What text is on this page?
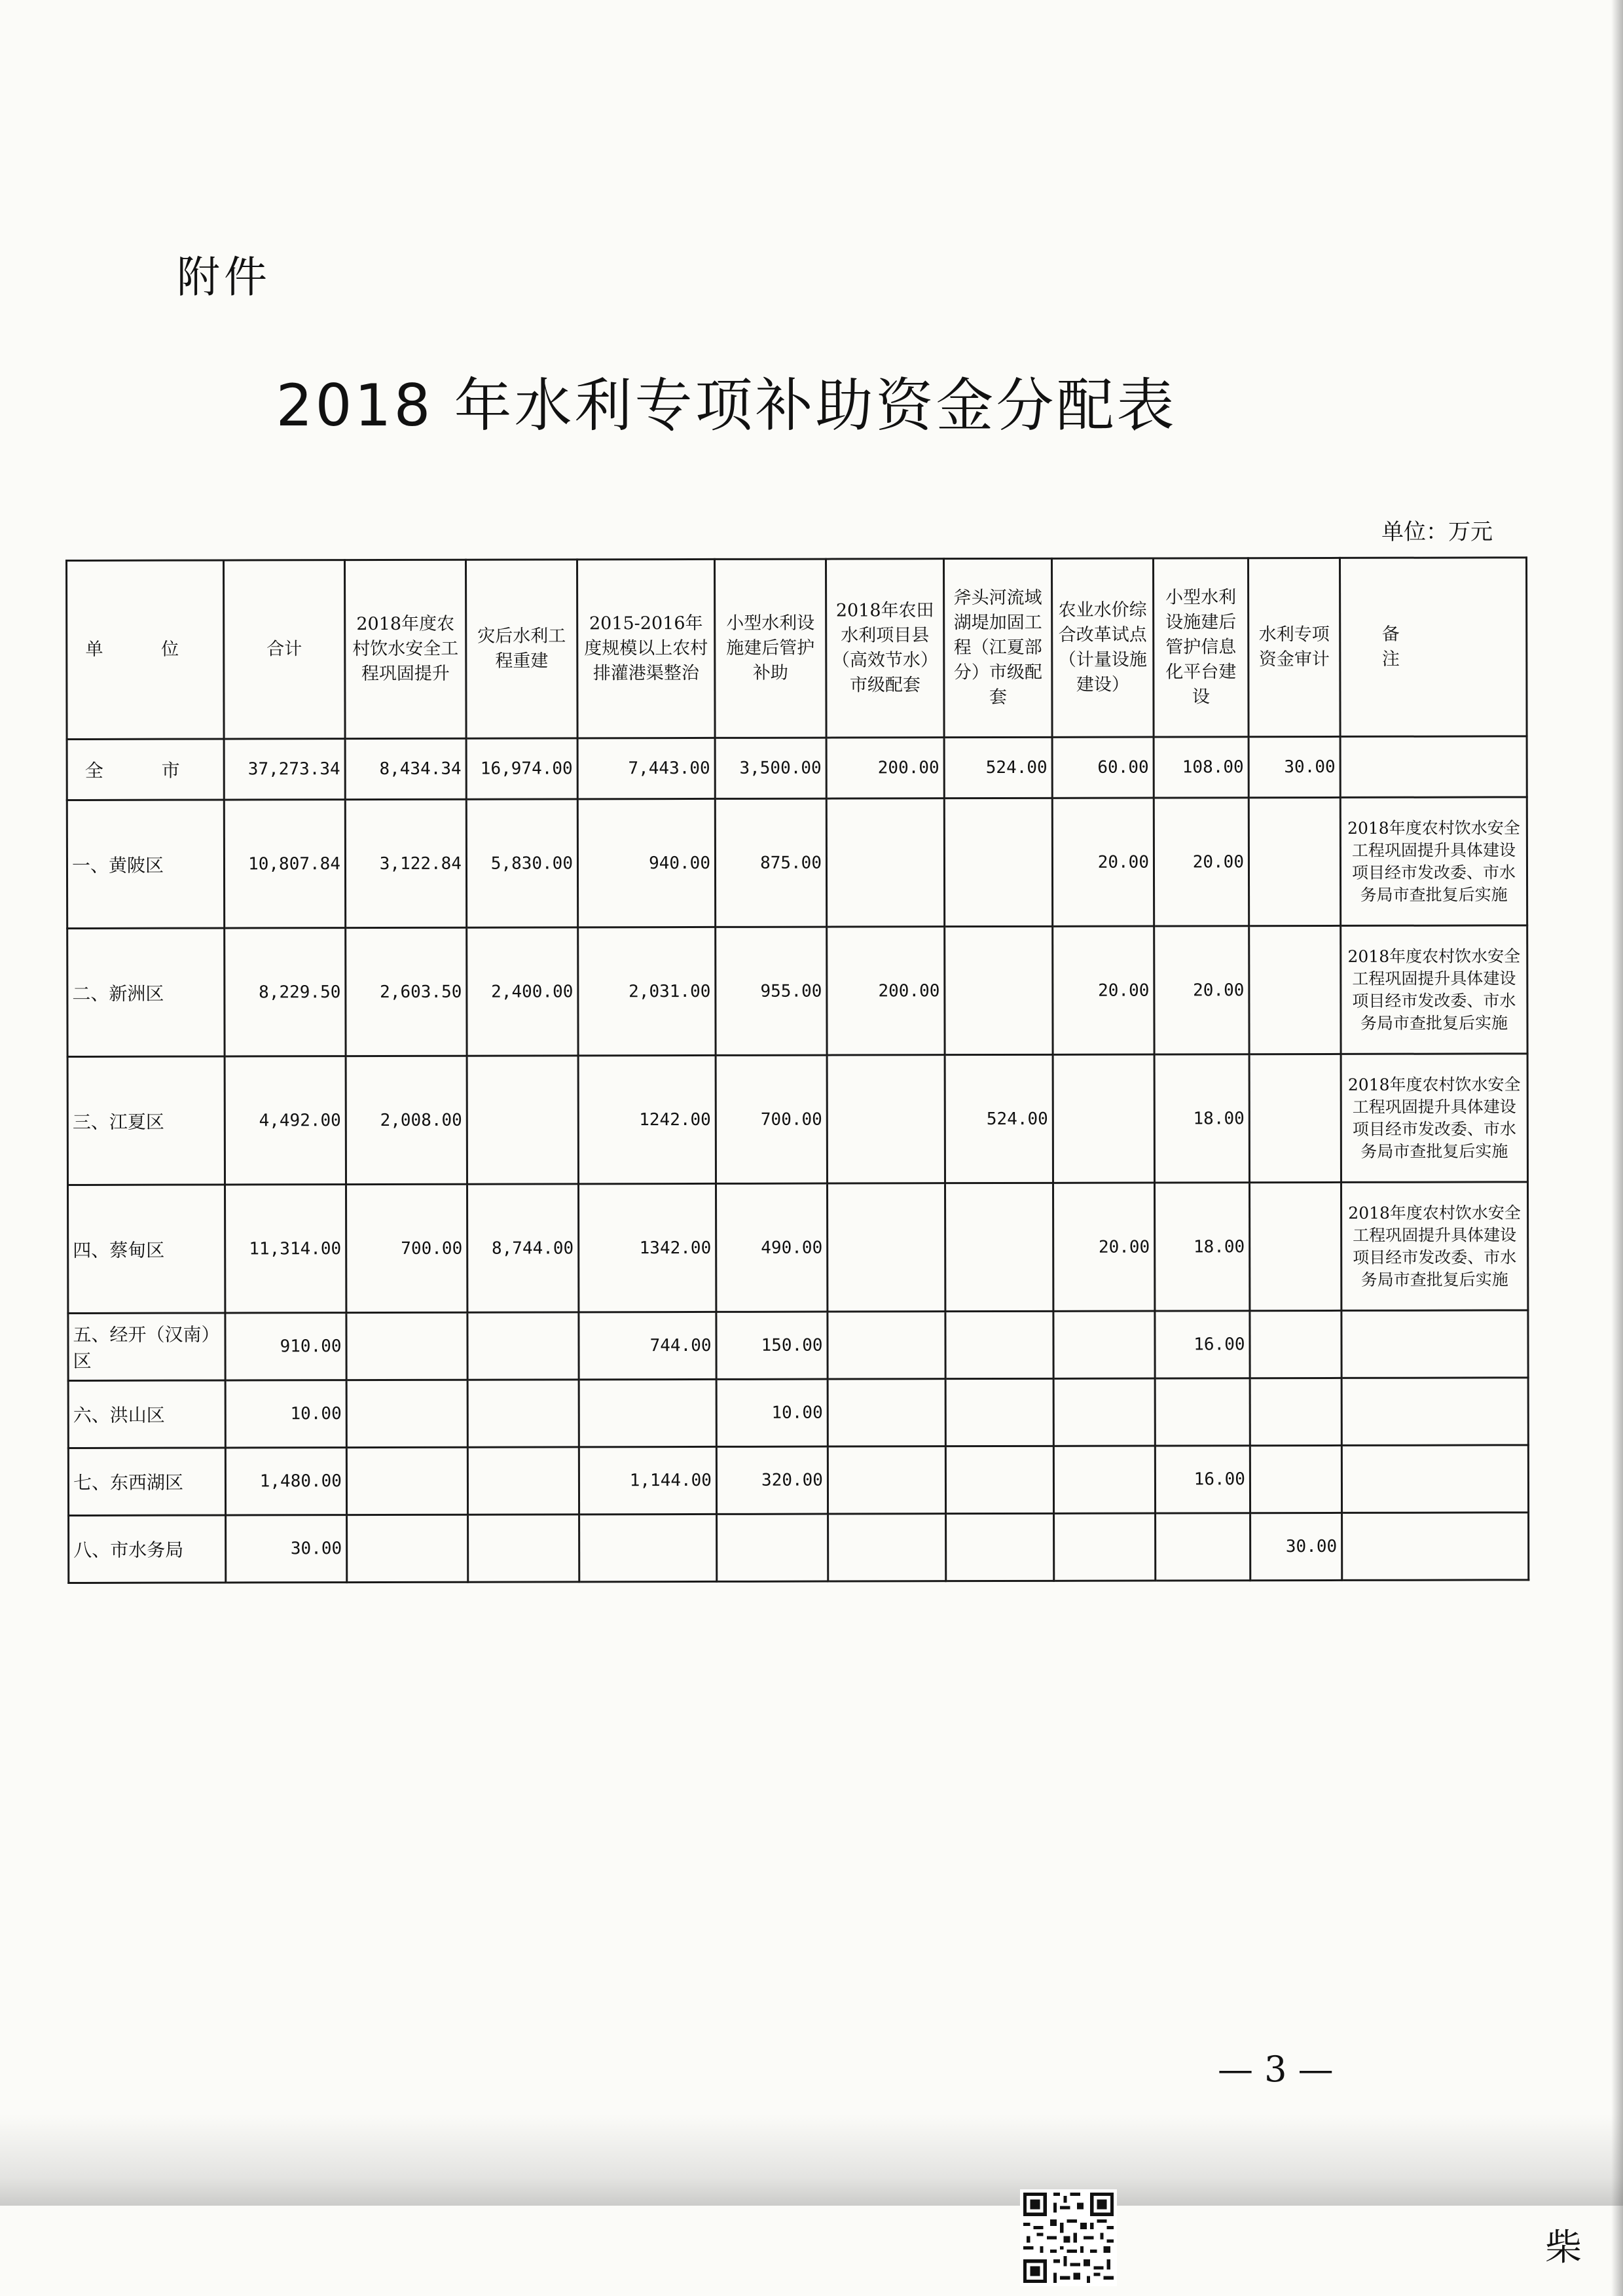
附件
2018 年水利专项补助资金分配表
单位：万元
单 位	合计	2018年度农村饮水安全工程巩固提升	灾后水利工程重建	2015-2016年度规模以上农村排灌港渠整治	小型水利设施建后管护补助	2018年农田水利项目县（高效节水）市级配套	斧头河流域湖堤加固工程（江夏部分）市级配套	农业水价综合改革试点（计量设施建设）	小型水利设施建后管护信息化平台建设	水利专项资金审计	备 注
全 市	37,273.34	8,434.34	16,974.00	7,443.00	3,500.00	200.00	524.00	60.00	108.00	30.00	
一、黄陂区	10,807.84	3,122.84	5,830.00	940.00	875.00			20.00	20.00		2018年度农村饮水安全工程巩固提升具体建设项目经市发改委、市水务局市查批复后实施
二、新洲区	8,229.50	2,603.50	2,400.00	2,031.00	955.00	200.00		20.00	20.00		2018年度农村饮水安全工程巩固提升具体建设项目经市发改委、市水务局市查批复后实施
三、江夏区	4,492.00	2,008.00		1242.00	700.00		524.00		18.00		2018年度农村饮水安全工程巩固提升具体建设项目经市发改委、市水务局市查批复后实施
四、蔡甸区	11,314.00	700.00	8,744.00	1342.00	490.00			20.00	18.00		2018年度农村饮水安全工程巩固提升具体建设项目经市发改委、市水务局市查批复后实施
五、经开（汉南）区	910.00			744.00	150.00				16.00		
六、洪山区	10.00				10.00						
七、东西湖区	1,480.00			1,144.00	320.00				16.00		
八、市水务局	30.00									30.00	
— 3 —
柴
